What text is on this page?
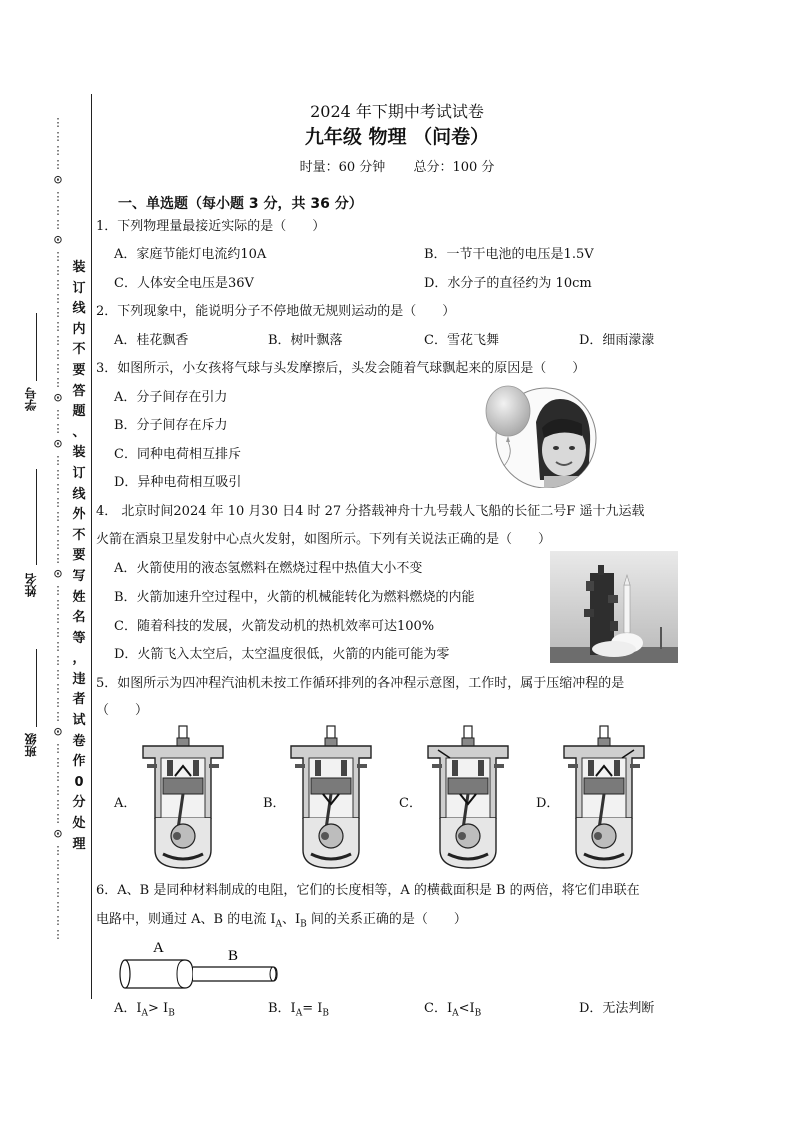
⋮
⋮
⋮
⋮
⊙
⋮
⋮
⋮
⊙
⋮
⋮
⋮
⋮
⋮
⋮
⋮
⋮
⋮
⋮
⊙
⋮
⋮
⊙
⋮
⋮
⋮
⋮
⋮
⋮
⋮
⋮
⊙
⋮
⋮
⋮
⋮
⋮
⋮
⋮
⋮
⋮
⋮
⊙
⋮
⋮
⋮
⋮
⋮
⋮
⊙
⋮
⋮
⋮
⋮
⋮
⋮
⋮
装
订
线
内
不
要
答
题
、
装
订
线
外
不
要
写
姓
名
等
，
违
者
试
卷
作
0
分
处
理
学号
姓名
班级
2024 年下期中考试试卷
九年级 物理 （问卷）
时量：60 分钟 总分：100 分
一、单选题（每小题 3 分，共 36 分）
1．下列物理量最接近实际的是（　　）
A．家庭节能灯电流约10A	B．一节干电池的电压是1.5V
C．人体安全电压是36V	D．水分子的直径约为 10cm
2．下列现象中，能说明分子不停地做无规则运动的是（　　）
A．桂花飘香	B．树叶飘落	C．雪花飞舞	D．细雨濛濛
3．如图所示，小女孩将气球与头发摩擦后，头发会随着气球飘起来的原因是（　　）
A．分子间存在引力
B．分子间存在斥力
C．同种电荷相互排斥
D．异种电荷相互吸引
4． 北京时间2024 年 10 月30 日4 时 27 分搭载神舟十九号载人飞船的长征二号F 遥十九运载
火箭在酒泉卫星发射中心点火发射，如图所示。下列有关说法正确的是（　　）
A．火箭使用的液态氢燃料在燃烧过程中热值大小不变
B．火箭加速升空过程中，火箭的机械能转化为燃料燃烧的内能
C．随着科技的发展，火箭发动机的热机效率可达100%
D．火箭飞入太空后，太空温度很低，火箭的内能可能为零
5．如图所示为四冲程汽油机未按工作循环排列的各冲程示意图，工作时，属于压缩冲程的是
（　　）
A．	B．	C．	D．
6．A、B 是同种材料制成的电阻，它们的长度相等，A 的横截面积是 B 的两倍，将它们串联在
电路中，则通过 A、B 的电流 $I_A$、$I_B$ 间的关系正确的是（　　）
A	B
A．$I_A> I_B$	B．$I_A= I_B$	C．$I_A<I_B$	D．无法判断
